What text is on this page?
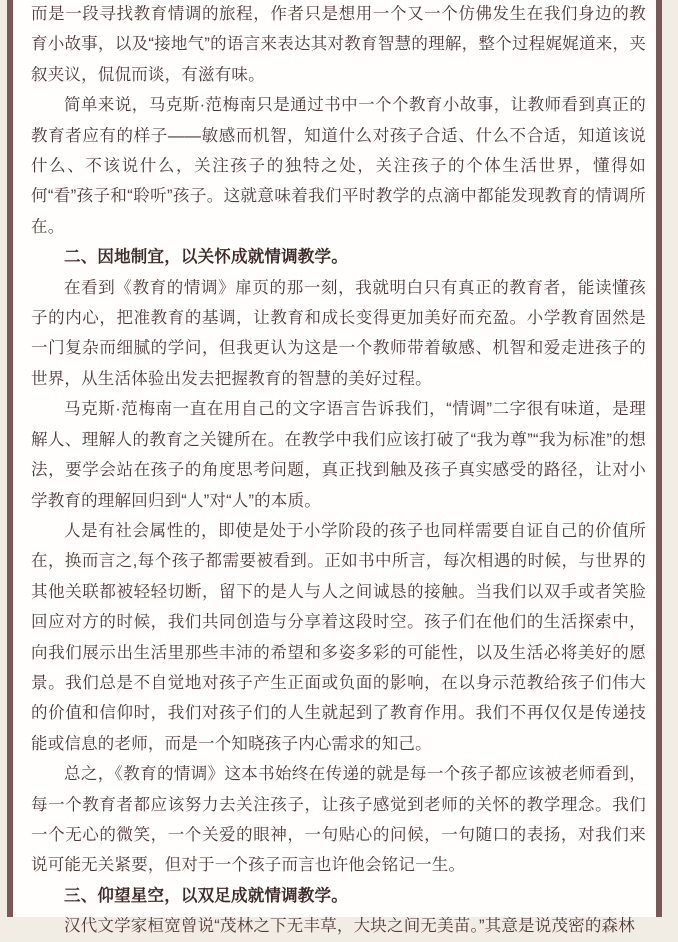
而是一段寻找教育情调的旅程，作者只是想用一个又一个仿佛发生在我们身边的教育小故事，以及“接地气”的语言来表达其对教育智慧的理解，整个过程娓娓道来，夹叙夹议，侃侃而谈，有滋有味。

简单来说，马克斯·范梅南只是通过书中一个个教育小故事，让教师看到真正的教育者应有的样子——敏感而机智，知道什么对孩子合适、什么不合适，知道该说什么、不该说什么，关注孩子的独特之处，关注孩子的个体生活世界，懂得如何“看”孩子和“聆听”孩子。这就意味着我们平时教学的点滴中都能发现教育的情调所在。

二、因地制宜，以关怀成就情调教学。

在看到《教育的情调》扉页的那一刻，我就明白只有真正的教育者，能读懂孩子的内心，把准教育的基调，让教育和成长变得更加美好而充盈。小学教育固然是一门复杂而细腻的学问，但我更认为这是一个教师带着敏感、机智和爱走进孩子的世界，从生活体验出发去把握教育的智慧的美好过程。

马克斯·范梅南一直在用自己的文字语言告诉我们，“情调”二字很有味道，是理解人、理解人的教育之关键所在。在教学中我们应该打破了“我为尊”“我为标准”的想法，要学会站在孩子的角度思考问题，真正找到触及孩子真实感受的路径，让对小学教育的理解回归到“人”对“人”的本质。

人是有社会属性的，即使是处于小学阶段的孩子也同样需要自证自己的价值所在，换而言之,每个孩子都需要被看到。正如书中所言，每次相遇的时候，与世界的其他关联都被轻轻切断，留下的是人与人之间诚恳的接触。当我们以双手或者笑脸回应对方的时候，我们共同创造与分享着这段时空。孩子们在他们的生活探索中，向我们展示出生活里那些丰沛的希望和多姿多彩的可能性，以及生活必将美好的愿景。我们总是不自觉地对孩子产生正面或负面的影响，在以身示范教给孩子们伟大的价值和信仰时，我们对孩子们的人生就起到了教育作用。我们不再仅仅是传递技能或信息的老师，而是一个知晓孩子内心需求的知己。

总之，《教育的情调》这本书始终在传递的就是每一个孩子都应该被老师看到，每一个教育者都应该努力去关注孩子，让孩子感觉到老师的关怀的教学理念。我们一个无心的微笑，一个关爱的眼神，一句贴心的问候，一句随口的表扬，对我们来说可能无关紧要，但对于一个孩子而言也许他会铭记一生。

三、仰望星空，以双足成就情调教学。

汉代文学家桓宽曾说“茂林之下无丰草，大块之间无美苗。”其意是说茂密的森林
